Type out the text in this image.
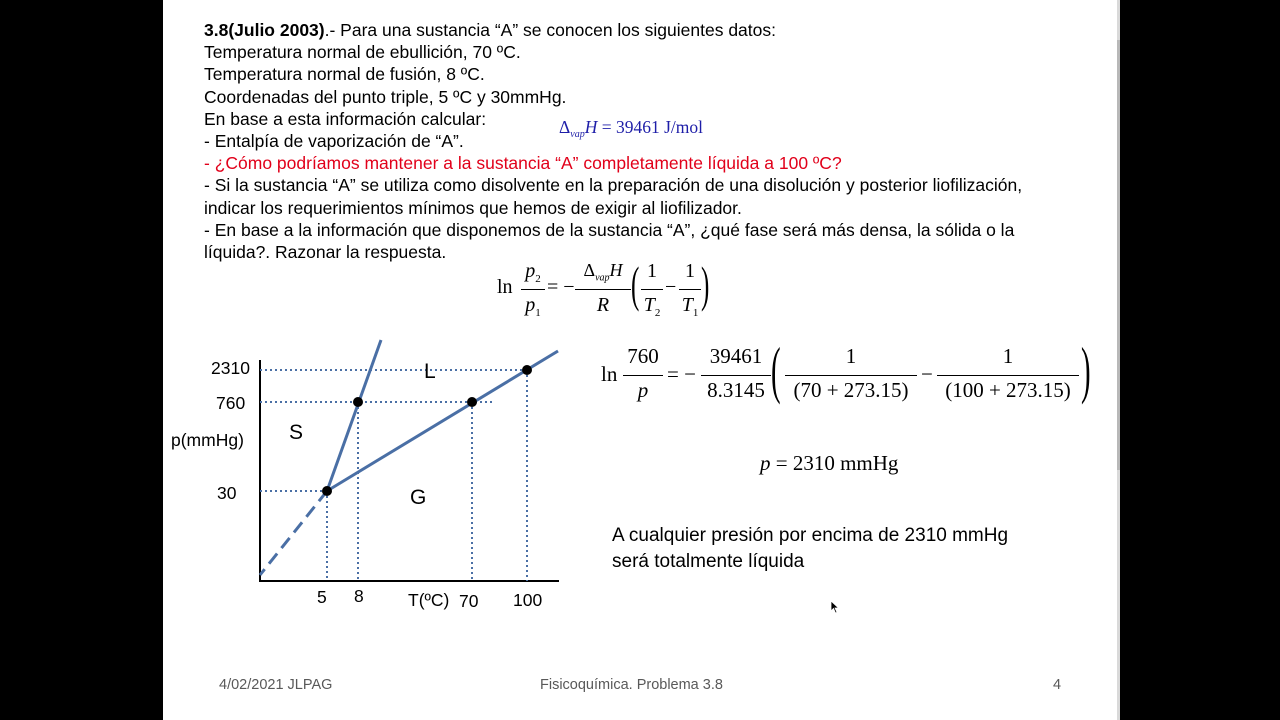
3.8(Julio 2003).- Para una sustancia “A” se conocen los siguientes datos:
Temperatura normal de ebullición, 70 ºC.
Temperatura normal de fusión, 8 ºC.
Coordenadas del punto triple, 5 ºC y 30mmHg.
En base a esta información calcular:
- Entalpía de vaporización de “A”.
- ¿Cómo podríamos mantener a la sustancia “A” completamente líquida a 100 ºC?
- Si la sustancia “A” se utiliza como disolvente en la preparación de una disolución y posterior liofilización,
indicar los requerimientos mínimos que hemos de exigir al liofilizador.
- En base a la información que disponemos de la sustancia “A”, ¿qué fase será más densa, la sólida o la
líquida?. Razonar la respuesta.
$\Delta_{vap}H = 39461$ J/mol
ln
$p_2$
$p_1$
= −
$\Delta_{vap}H$
R ( 1
$T_2$
−
1
$T_1$
)
ln
760
p
= −
39461
8.3145 (	1
(70 + 273.15)
−
1
(100 + 273.15) )
p = 2310 mmHg
A cualquier presión por encima de 2310 mmHg
será totalmente líquida
2310
760
p(mmHg)
30
5 8	T(ºC) 70 100
S
L
G
4/02/2021 JLPAG	Fisicoquímica. Problema 3.8	4
